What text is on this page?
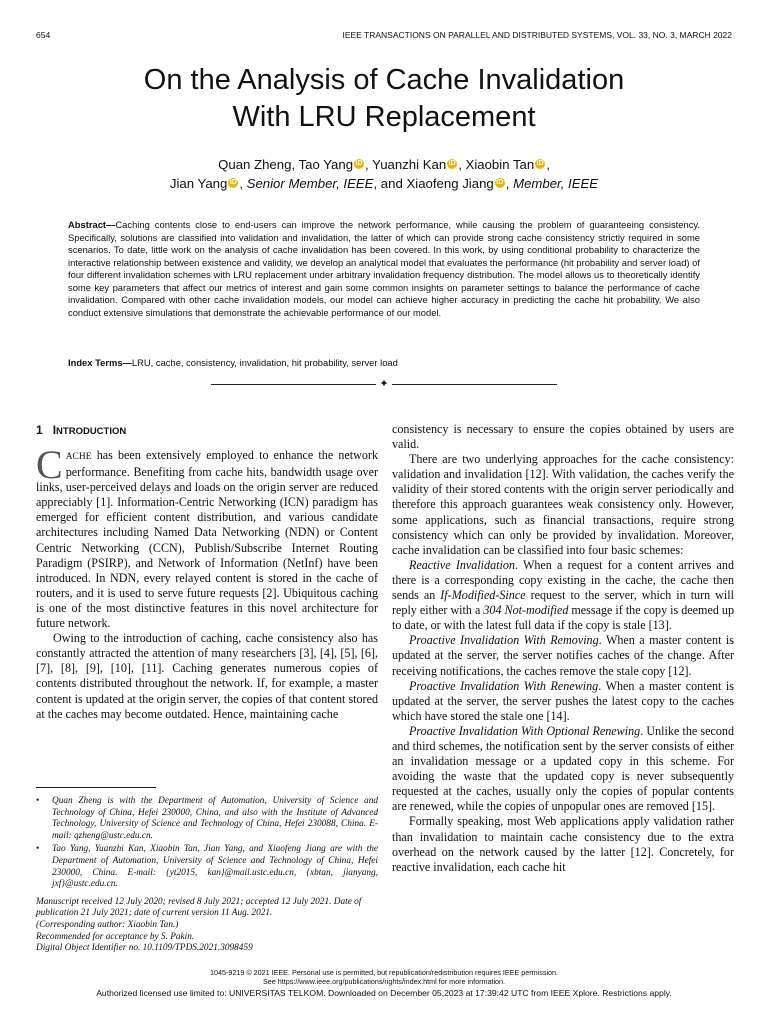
654	IEEE TRANSACTIONS ON PARALLEL AND DISTRIBUTED SYSTEMS, VOL. 33, NO. 3, MARCH 2022
On the Analysis of Cache Invalidation
With LRU Replacement
Quan Zheng, Tao Yang iD , Yuanzhi Kan iD , Xiaobin Tan iD ,
Jian Yang iD , Senior Member, IEEE, and Xiaofeng Jiang iD , Member, IEEE

Abstract—Caching contents close to end-users can improve the network performance, while causing the problem of guaranteeing consistency. Specifically, solutions are classified into validation and invalidation, the latter of which can provide strong cache consistency strictly required in some scenarios. To date, little work on the analysis of cache invalidation has been covered. In this work, by using conditional probability to characterize the interactive relationship between existence and validity, we develop an analytical model that evaluates the performance (hit probability and server load) of four different invalidation schemes with LRU replacement under arbitrary invalidation frequency distribution. The model allows us to theoretically identify some key parameters that affect our metrics of interest and gain some common insights on parameter settings to balance the performance of cache invalidation. Compared with other cache invalidation models, our model can achieve higher accuracy in predicting the cache hit probability. We also conduct extensive simulations that demonstrate the achievable performance of our model.

Index Terms—LRU, cache, consistency, invalidation, hit probability, server load

✦
1 INTRODUCTION

CACHE has been extensively employed to enhance the network performance. Benefiting from cache hits, bandwidth usage over links, user-perceived delays and loads on the origin server are reduced appreciably [1]. Information-Centric Networking (ICN) paradigm has emerged for efficient content distribution, and various candidate architectures including Named Data Networking (NDN) or Content Centric Networking (CCN), Publish/Subscribe Internet Routing Paradigm (PSIRP), and Network of Information (NetInf) have been introduced. In NDN, every relayed content is stored in the cache of routers, and it is used to serve future requests [2]. Ubiquitous caching is one of the most distinctive features in this novel architecture for future network.

Owing to the introduction of caching, cache consistency also has constantly attracted the attention of many researchers [3], [4], [5], [6], [7], [8], [9], [10], [11]. Caching generates numerous copies of contents distributed throughout the network. If, for example, a master content is updated at the origin server, the copies of that content stored at the caches may become outdated. Hence, maintaining cache

consistency is necessary to ensure the copies obtained by users are valid.

There are two underlying approaches for the cache consistency: validation and invalidation [12]. With validation, the caches verify the validity of their stored contents with the origin server periodically and therefore this approach guarantees weak consistency only. However, some applications, such as financial transactions, require strong consistency which can only be provided by invalidation. Moreover, cache invalidation can be classified into four basic schemes:

Reactive Invalidation. When a request for a content arrives and there is a corresponding copy existing in the cache, the cache then sends an If-Modified-Since request to the server, which in turn will reply either with a 304 Not-modified message if the copy is deemed up to date, or with the latest full data if the copy is stale [13].

Proactive Invalidation With Removing. When a master content is updated at the server, the server notifies caches of the change. After receiving notifications, the caches remove the stale copy [12].

Proactive Invalidation With Renewing. When a master content is updated at the server, the server pushes the latest copy to the caches which have stored the stale one [14].

Proactive Invalidation With Optional Renewing. Unlike the second and third schemes, the notification sent by the server consists of either an invalidation message or a updated copy in this scheme. For avoiding the waste that the updated copy is never subsequently requested at the caches, usually only the copies of popular contents are renewed, while the copies of unpopular ones are removed [15].

Formally speaking, most Web applications apply validation rather than invalidation to maintain cache consistency due to the extra overhead on the network caused by the latter [12]. Concretely, for reactive invalidation, each cache hit

• Quan Zheng is with the Department of Automation, University of Science and Technology of China, Hefei 230000, China, and also with the Institute of Advanced Technology, University of Science and Technology of China, Hefei 230088, China. E-mail: qzheng@ustc.edu.cn.
• Tao Yang, Yuanzhi Kan, Xiaobin Tan, Jian Yang, and Xiaofeng Jiang are with the Department of Automation, University of Science and Technology of China, Hefei 230000, China. E-mail: {yt2015, kan}@mail.ustc.edu.cn, {xbtan, jianyang, jxf}@ustc.edu.cn.
Manuscript received 12 July 2020; revised 8 July 2021; accepted 12 July 2021. Date of publication 21 July 2021; date of current version 11 Aug. 2021.
(Corresponding author: Xiaobin Tan.)
Recommended for acceptance by S. Pakin.
Digital Object Identifier no. 10.1109/TPDS.2021.3098459
1045-9219 © 2021 IEEE. Personal use is permitted, but republication/redistribution requires IEEE permission.
See https://www.ieee.org/publications/rights/index.html for more information.
Authorized licensed use limited to: UNIVERSITAS TELKOM. Downloaded on December 05,2023 at 17:39:42 UTC from IEEE Xplore. Restrictions apply.
